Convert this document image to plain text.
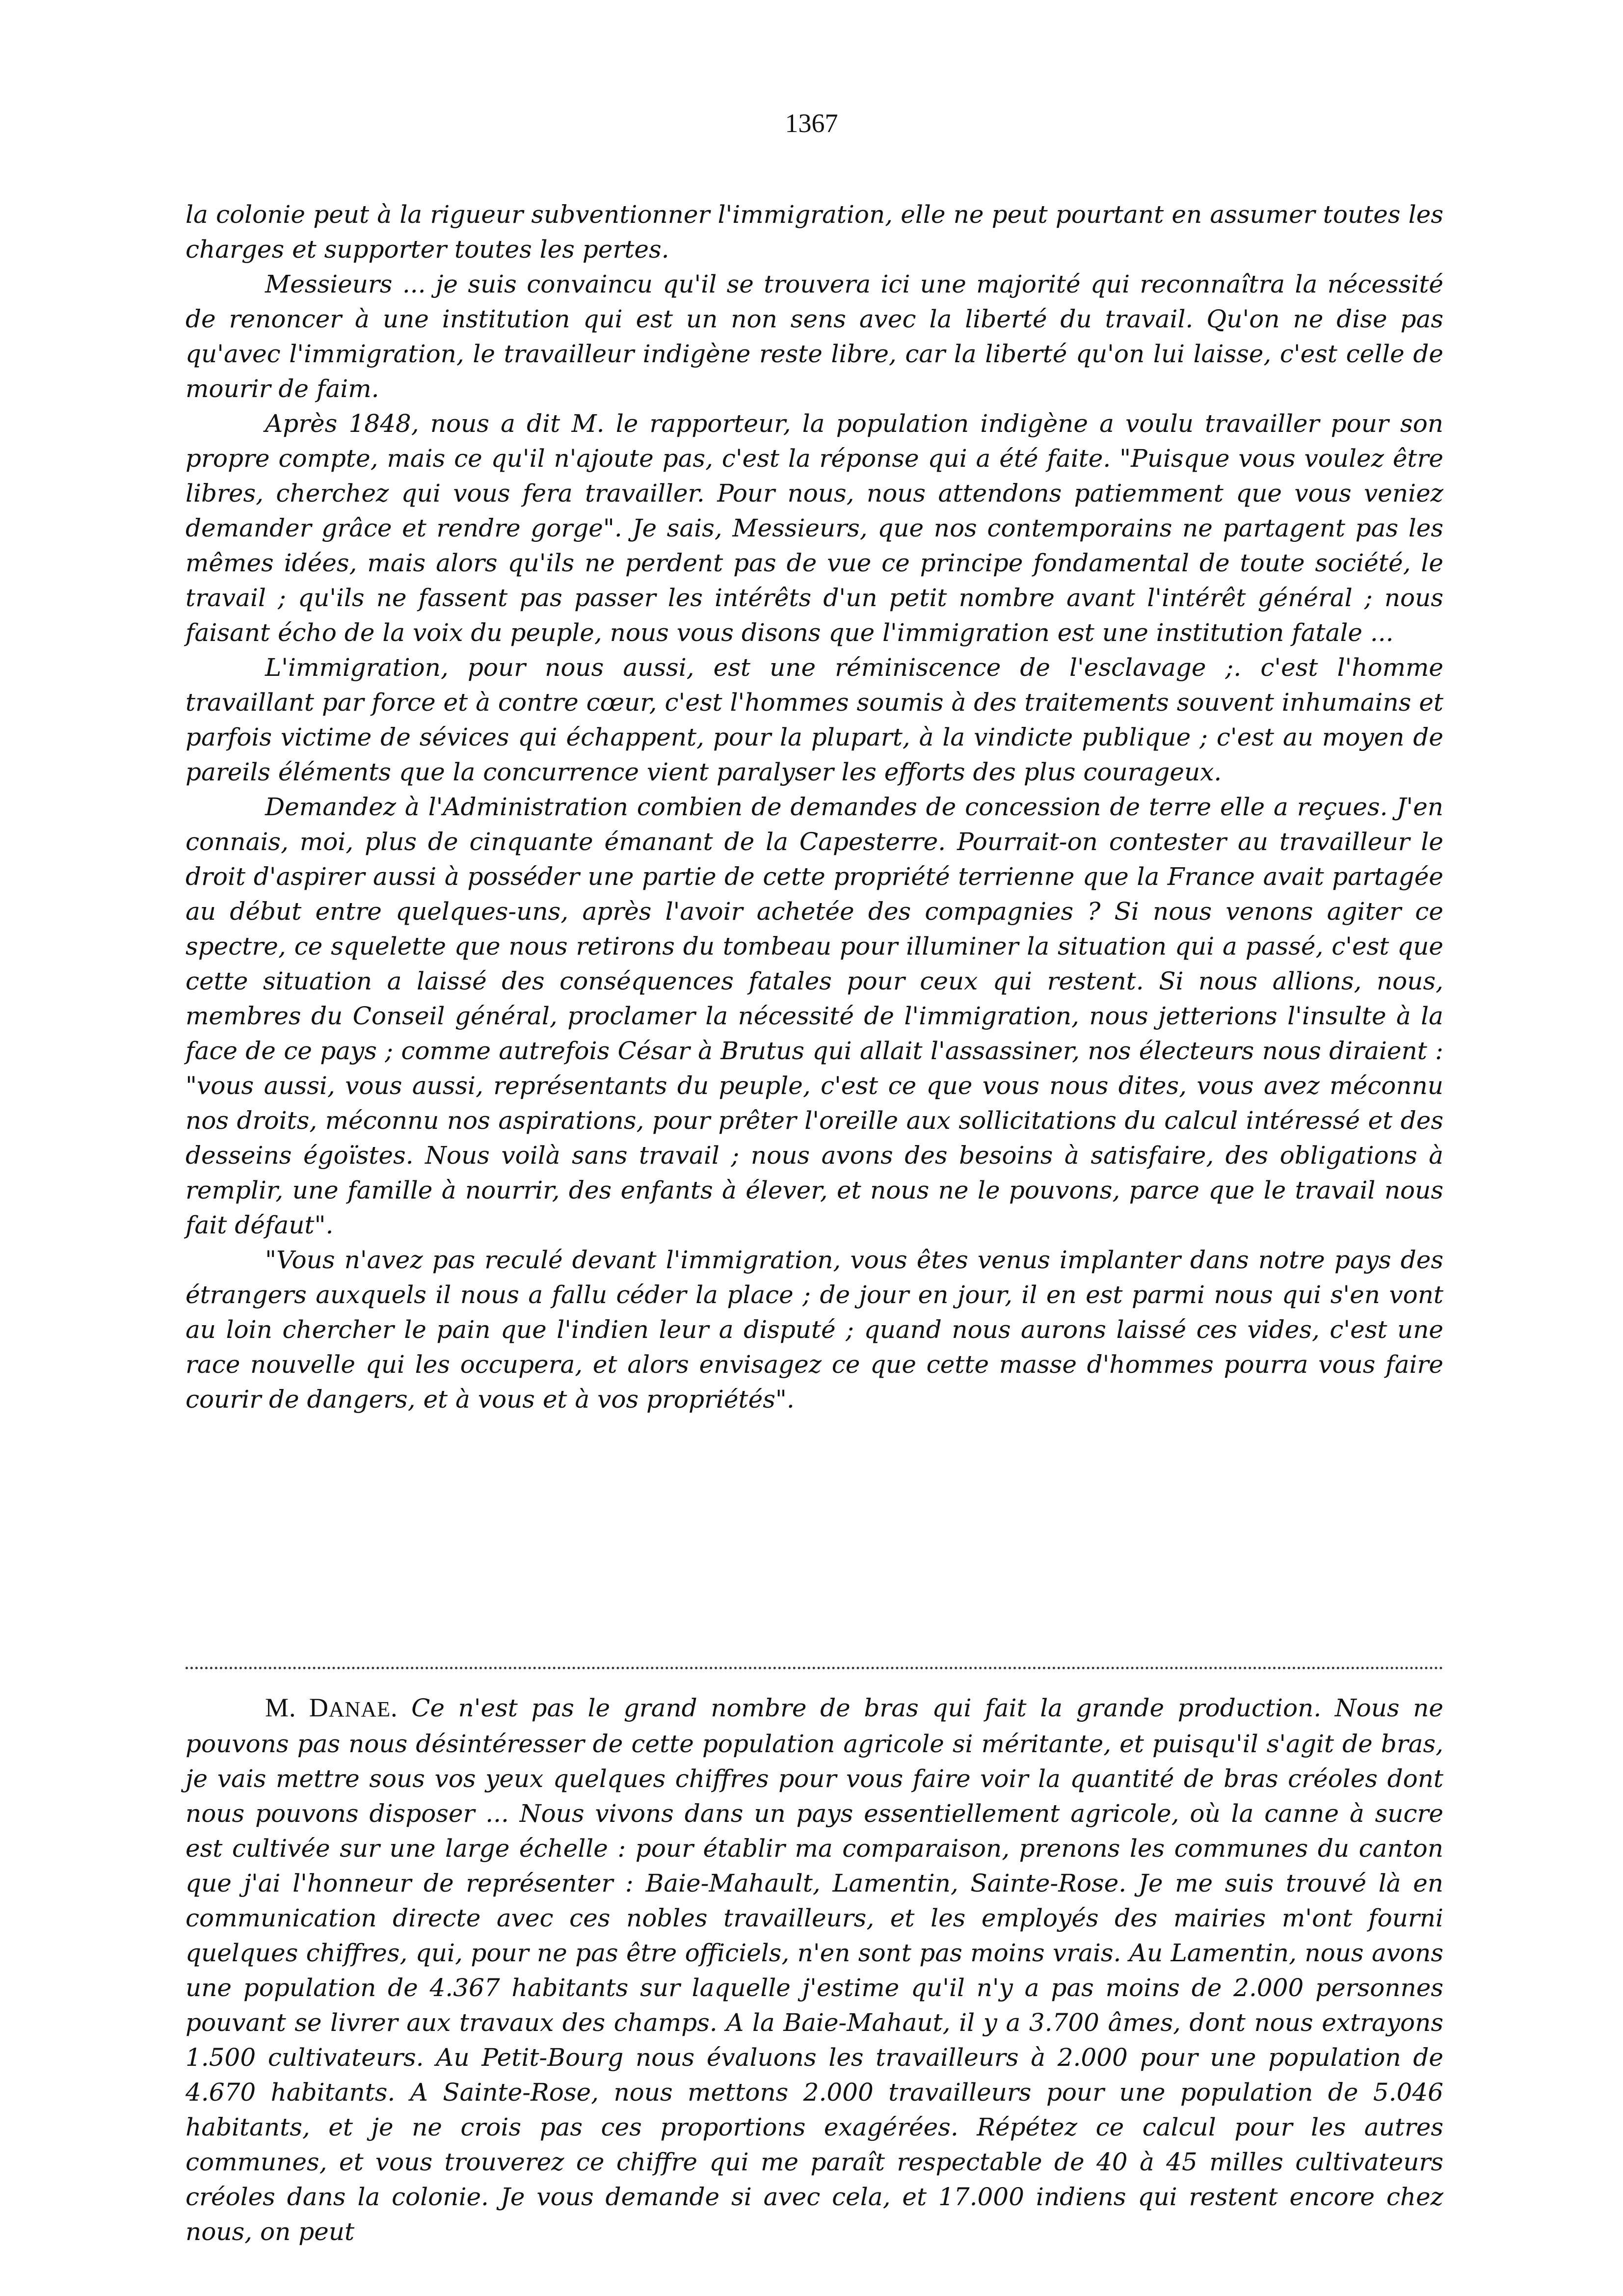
1367

la colonie peut à la rigueur subventionner l'immigration, elle ne peut pourtant en assumer toutes les charges et supporter toutes les pertes.

Messieurs ... je suis convaincu qu'il se trouvera ici une majorité qui reconnaîtra la nécessité de renoncer à une institution qui est un non sens avec la liberté du travail. Qu'on ne dise pas qu'avec l'immigration, le travailleur indigène reste libre, car la liberté qu'on lui laisse, c'est celle de mourir de faim.

Après 1848, nous a dit M. le rapporteur, la population indigène a voulu travailler pour son propre compte, mais ce qu'il n'ajoute pas, c'est la réponse qui a été faite. "Puisque vous voulez être libres, cherchez qui vous fera travailler. Pour nous, nous attendons patiemment que vous veniez demander grâce et rendre gorge". Je sais, Messieurs, que nos contemporains ne partagent pas les mêmes idées, mais alors qu'ils ne perdent pas de vue ce principe fondamental de toute société, le travail ; qu'ils ne fassent pas passer les intérêts d'un petit nombre avant l'intérêt général ; nous faisant écho de la voix du peuple, nous vous disons que l'immigration est une institution fatale ...

L'immigration, pour nous aussi, est une réminiscence de l'esclavage ;. c'est l'homme travaillant par force et à contre cœur, c'est l'hommes soumis à des traitements souvent inhumains et parfois victime de sévices qui échappent, pour la plupart, à la vindicte publique ; c'est au moyen de pareils éléments que la concurrence vient paralyser les efforts des plus courageux.

Demandez à l'Administration combien de demandes de concession de terre elle a reçues. J'en connais, moi, plus de cinquante émanant de la Capesterre. Pourrait-on contester au travailleur le droit d'aspirer aussi à posséder une partie de cette propriété terrienne que la France avait partagée au début entre quelques-uns, après l'avoir achetée des compagnies ? Si nous venons agiter ce spectre, ce squelette que nous retirons du tombeau pour illuminer la situation qui a passé, c'est que cette situation a laissé des conséquences fatales pour ceux qui restent. Si nous allions, nous, membres du Conseil général, proclamer la nécessité de l'immigration, nous jetterions l'insulte à la face de ce pays ; comme autrefois César à Brutus qui allait l'assassiner, nos électeurs nous diraient : "vous aussi, vous aussi, représentants du peuple, c'est ce que vous nous dites, vous avez méconnu nos droits, méconnu nos aspirations, pour prêter l'oreille aux sollicitations du calcul intéressé et des desseins égoïstes. Nous voilà sans travail ; nous avons des besoins à satisfaire, des obligations à remplir, une famille à nourrir, des enfants à élever, et nous ne le pouvons, parce que le travail nous fait défaut".

"Vous n'avez pas reculé devant l'immigration, vous êtes venus implanter dans notre pays des étrangers auxquels il nous a fallu céder la place ; de jour en jour, il en est parmi nous qui s'en vont au loin chercher le pain que l'indien leur a disputé ; quand nous aurons laissé ces vides, c'est une race nouvelle qui les occupera, et alors envisagez ce que cette masse d'hommes pourra vous faire courir de dangers, et à vous et à vos propriétés".

M. DANAE. Ce n'est pas le grand nombre de bras qui fait la grande production. Nous ne pouvons pas nous désintéresser de cette population agricole si méritante, et puisqu'il s'agit de bras, je vais mettre sous vos yeux quelques chiffres pour vous faire voir la quantité de bras créoles dont nous pouvons disposer ... Nous vivons dans un pays essentiellement agricole, où la canne à sucre est cultivée sur une large échelle : pour établir ma comparaison, prenons les communes du canton que j'ai l'honneur de représenter : Baie-Mahault, Lamentin, Sainte-Rose. Je me suis trouvé là en communication directe avec ces nobles travailleurs, et les employés des mairies m'ont fourni quelques chiffres, qui, pour ne pas être officiels, n'en sont pas moins vrais. Au Lamentin, nous avons une population de 4.367 habitants sur laquelle j'estime qu'il n'y a pas moins de 2.000 personnes pouvant se livrer aux travaux des champs. A la Baie-Mahaut, il y a 3.700 âmes, dont nous extrayons 1.500 cultivateurs. Au Petit-Bourg nous évaluons les travailleurs à 2.000 pour une population de 4.670 habitants. A Sainte-Rose, nous mettons 2.000 travailleurs pour une population de 5.046 habitants, et je ne crois pas ces proportions exagérées. Répétez ce calcul pour les autres communes, et vous trouverez ce chiffre qui me paraît respectable de 40 à 45 milles cultivateurs créoles dans la colonie. Je vous demande si avec cela, et 17.000 indiens qui restent encore chez nous, on peut
